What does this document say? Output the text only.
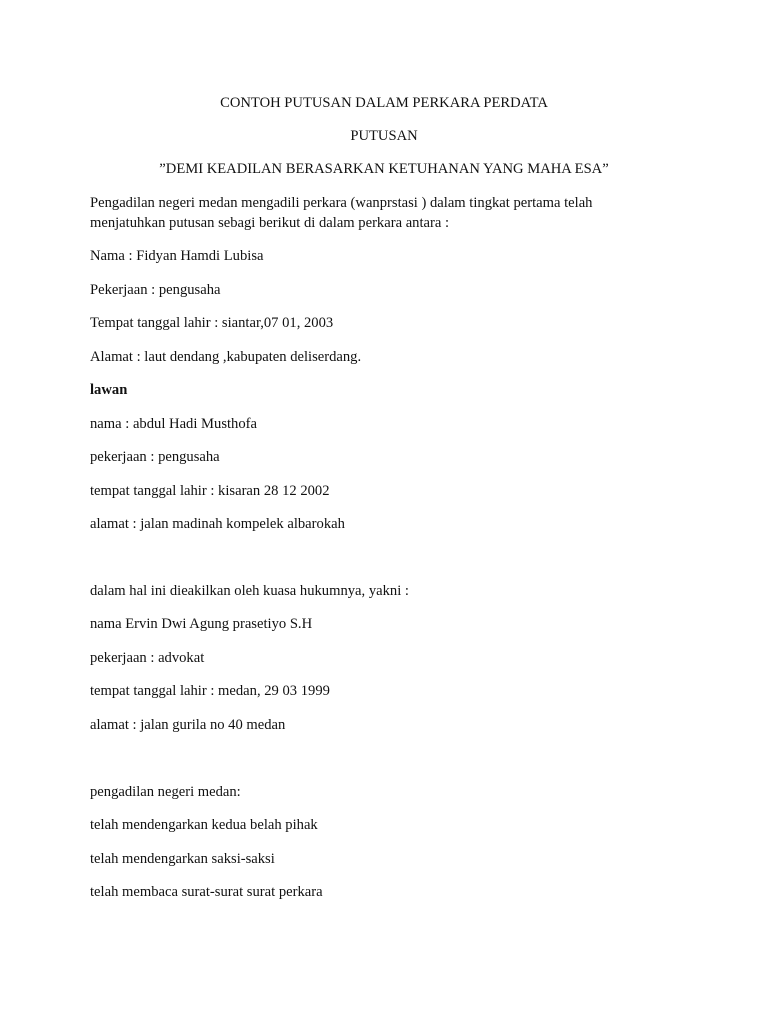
CONTOH PUTUSAN DALAM PERKARA PERDATA
PUTUSAN
”DEMI KEADILAN BERASARKAN KETUHANAN YANG MAHA ESA”
Pengadilan negeri medan mengadili perkara (wanprstasi ) dalam tingkat pertama telah
menjatuhkan putusan sebagi berikut di dalam perkara antara :
Nama : Fidyan Hamdi Lubisa
Pekerjaan : pengusaha
Tempat tanggal lahir : siantar,07 01, 2003
Alamat : laut dendang ,kabupaten deliserdang.
lawan
nama : abdul Hadi Musthofa
pekerjaan : pengusaha
tempat tanggal lahir : kisaran 28 12 2002
alamat : jalan madinah kompelek albarokah
dalam hal ini dieakilkan oleh kuasa hukumnya, yakni :
nama Ervin Dwi Agung prasetiyo S.H
pekerjaan : advokat
tempat tanggal lahir : medan, 29 03 1999
alamat : jalan gurila no 40 medan
pengadilan negeri medan:
telah mendengarkan kedua belah pihak
telah mendengarkan saksi-saksi
telah membaca surat-surat surat perkara
